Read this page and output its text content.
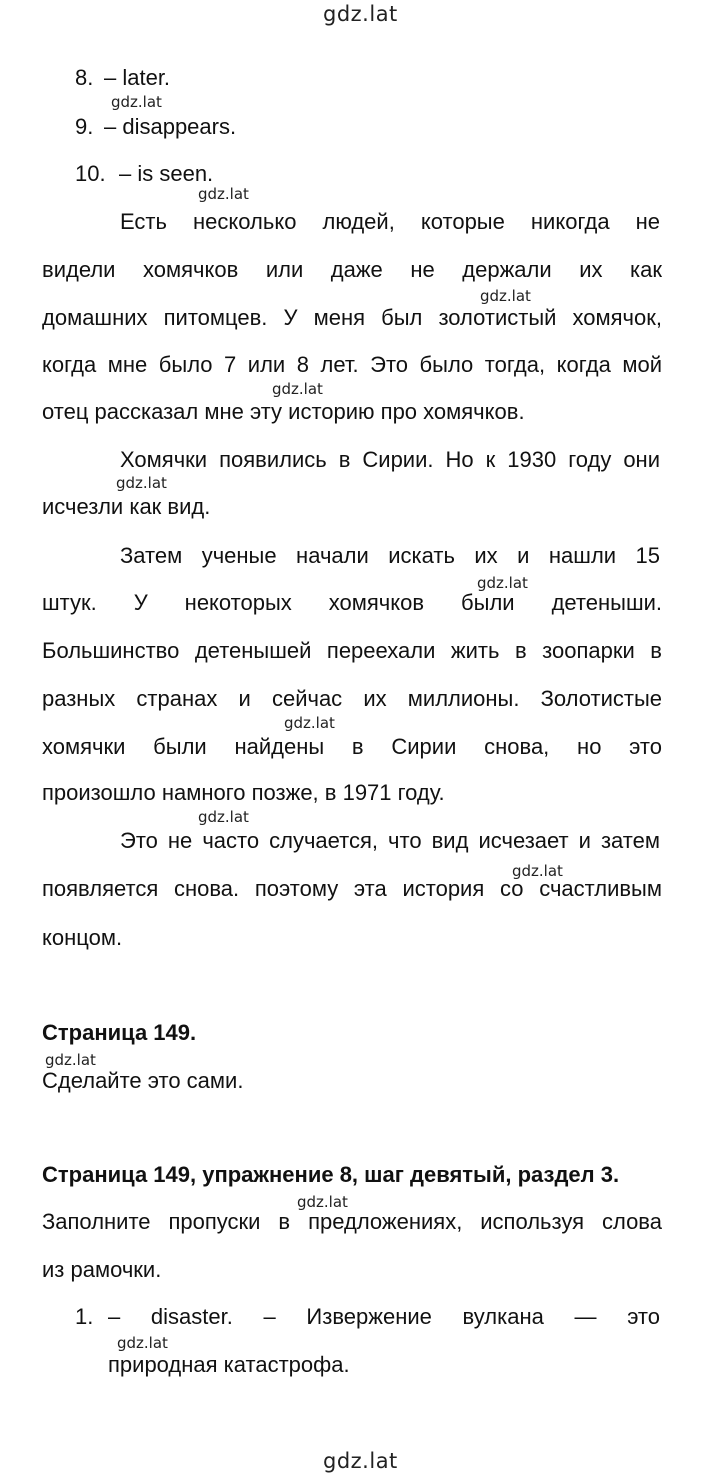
gdz.lat
gdz.lat
gdz.lat
gdz.lat
gdz.lat
gdz.lat
gdz.lat
gdz.lat
gdz.lat
gdz.lat
gdz.lat
gdz.lat
gdz.lat
gdz.lat
8. – later.
9. – disappears.
10. – is seen.
Есть несколько людей, которые никогда не
видели хомячков или даже не держали их как
домашних питомцев. У меня был золотистый хомячок,
когда мне было 7 или 8 лет. Это было тогда, когда мой
отец рассказал мне эту историю про хомячков.
Хомячки появились в Сирии. Но к 1930 году они
исчезли как вид.
Затем ученые начали искать их и нашли 15
штук. У некоторых хомячков были детеныши.
Большинство детенышей переехали жить в зоопарки в
разных странах и сейчас их миллионы. Золотистые
хомячки были найдены в Сирии снова, но это
произошло намного позже, в 1971 году.
Это не часто случается, что вид исчезает и затем
появляется снова. поэтому эта история со счастливым
концом.
Страница 149.
Сделайте это сами.
Страница 149, упражнение 8, шаг девятый, раздел 3.
Заполните пропуски в предложениях, используя слова
из рамочки.
1. – disaster. – Извержение вулкана — это
природная катастрофа.
